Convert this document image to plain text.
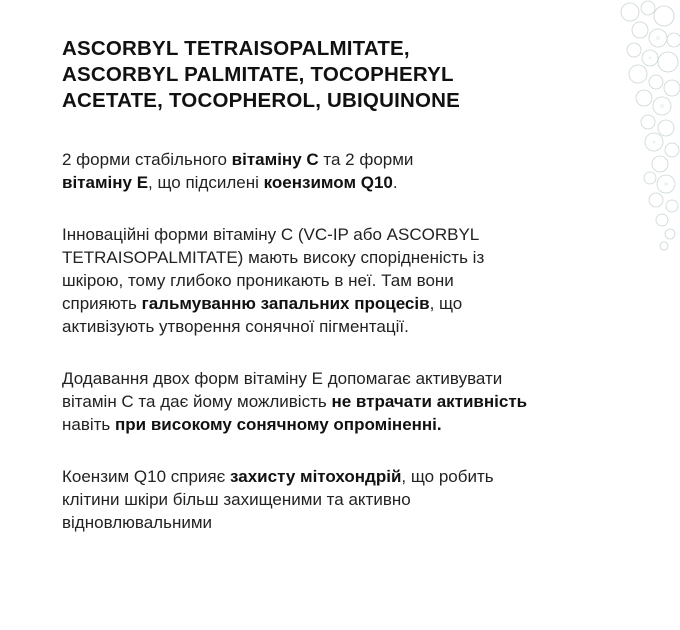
ASCORBYL TETRAISOPALMITATE,
ASCORBYL PALMITATE, TOCOPHERYL
ACETATE, TOCOPHEROL, UBIQUINONE

2 форми стабільного вітаміну С та 2 форми
вітаміну Е, що підсилені коензимом Q10.

Інноваційні форми вітаміну С (VC-IP або ASCORBYL TETRAISOPALMITATE) мають високу спорідненість із шкірою, тому глибоко проникають в неї. Там вони сприяють гальмуванню запальних процесів, що активізують утворення сонячної пігментації.

Додавання двох форм вітаміну Е допомагає активувати вітамін С та дає йому можливість не втрачати активність навіть при високому сонячному опроміненні.

Коензим Q10 сприяє захисту мітохондрій, що робить клітини шкіри більш захищеними та активно відновлювальними
